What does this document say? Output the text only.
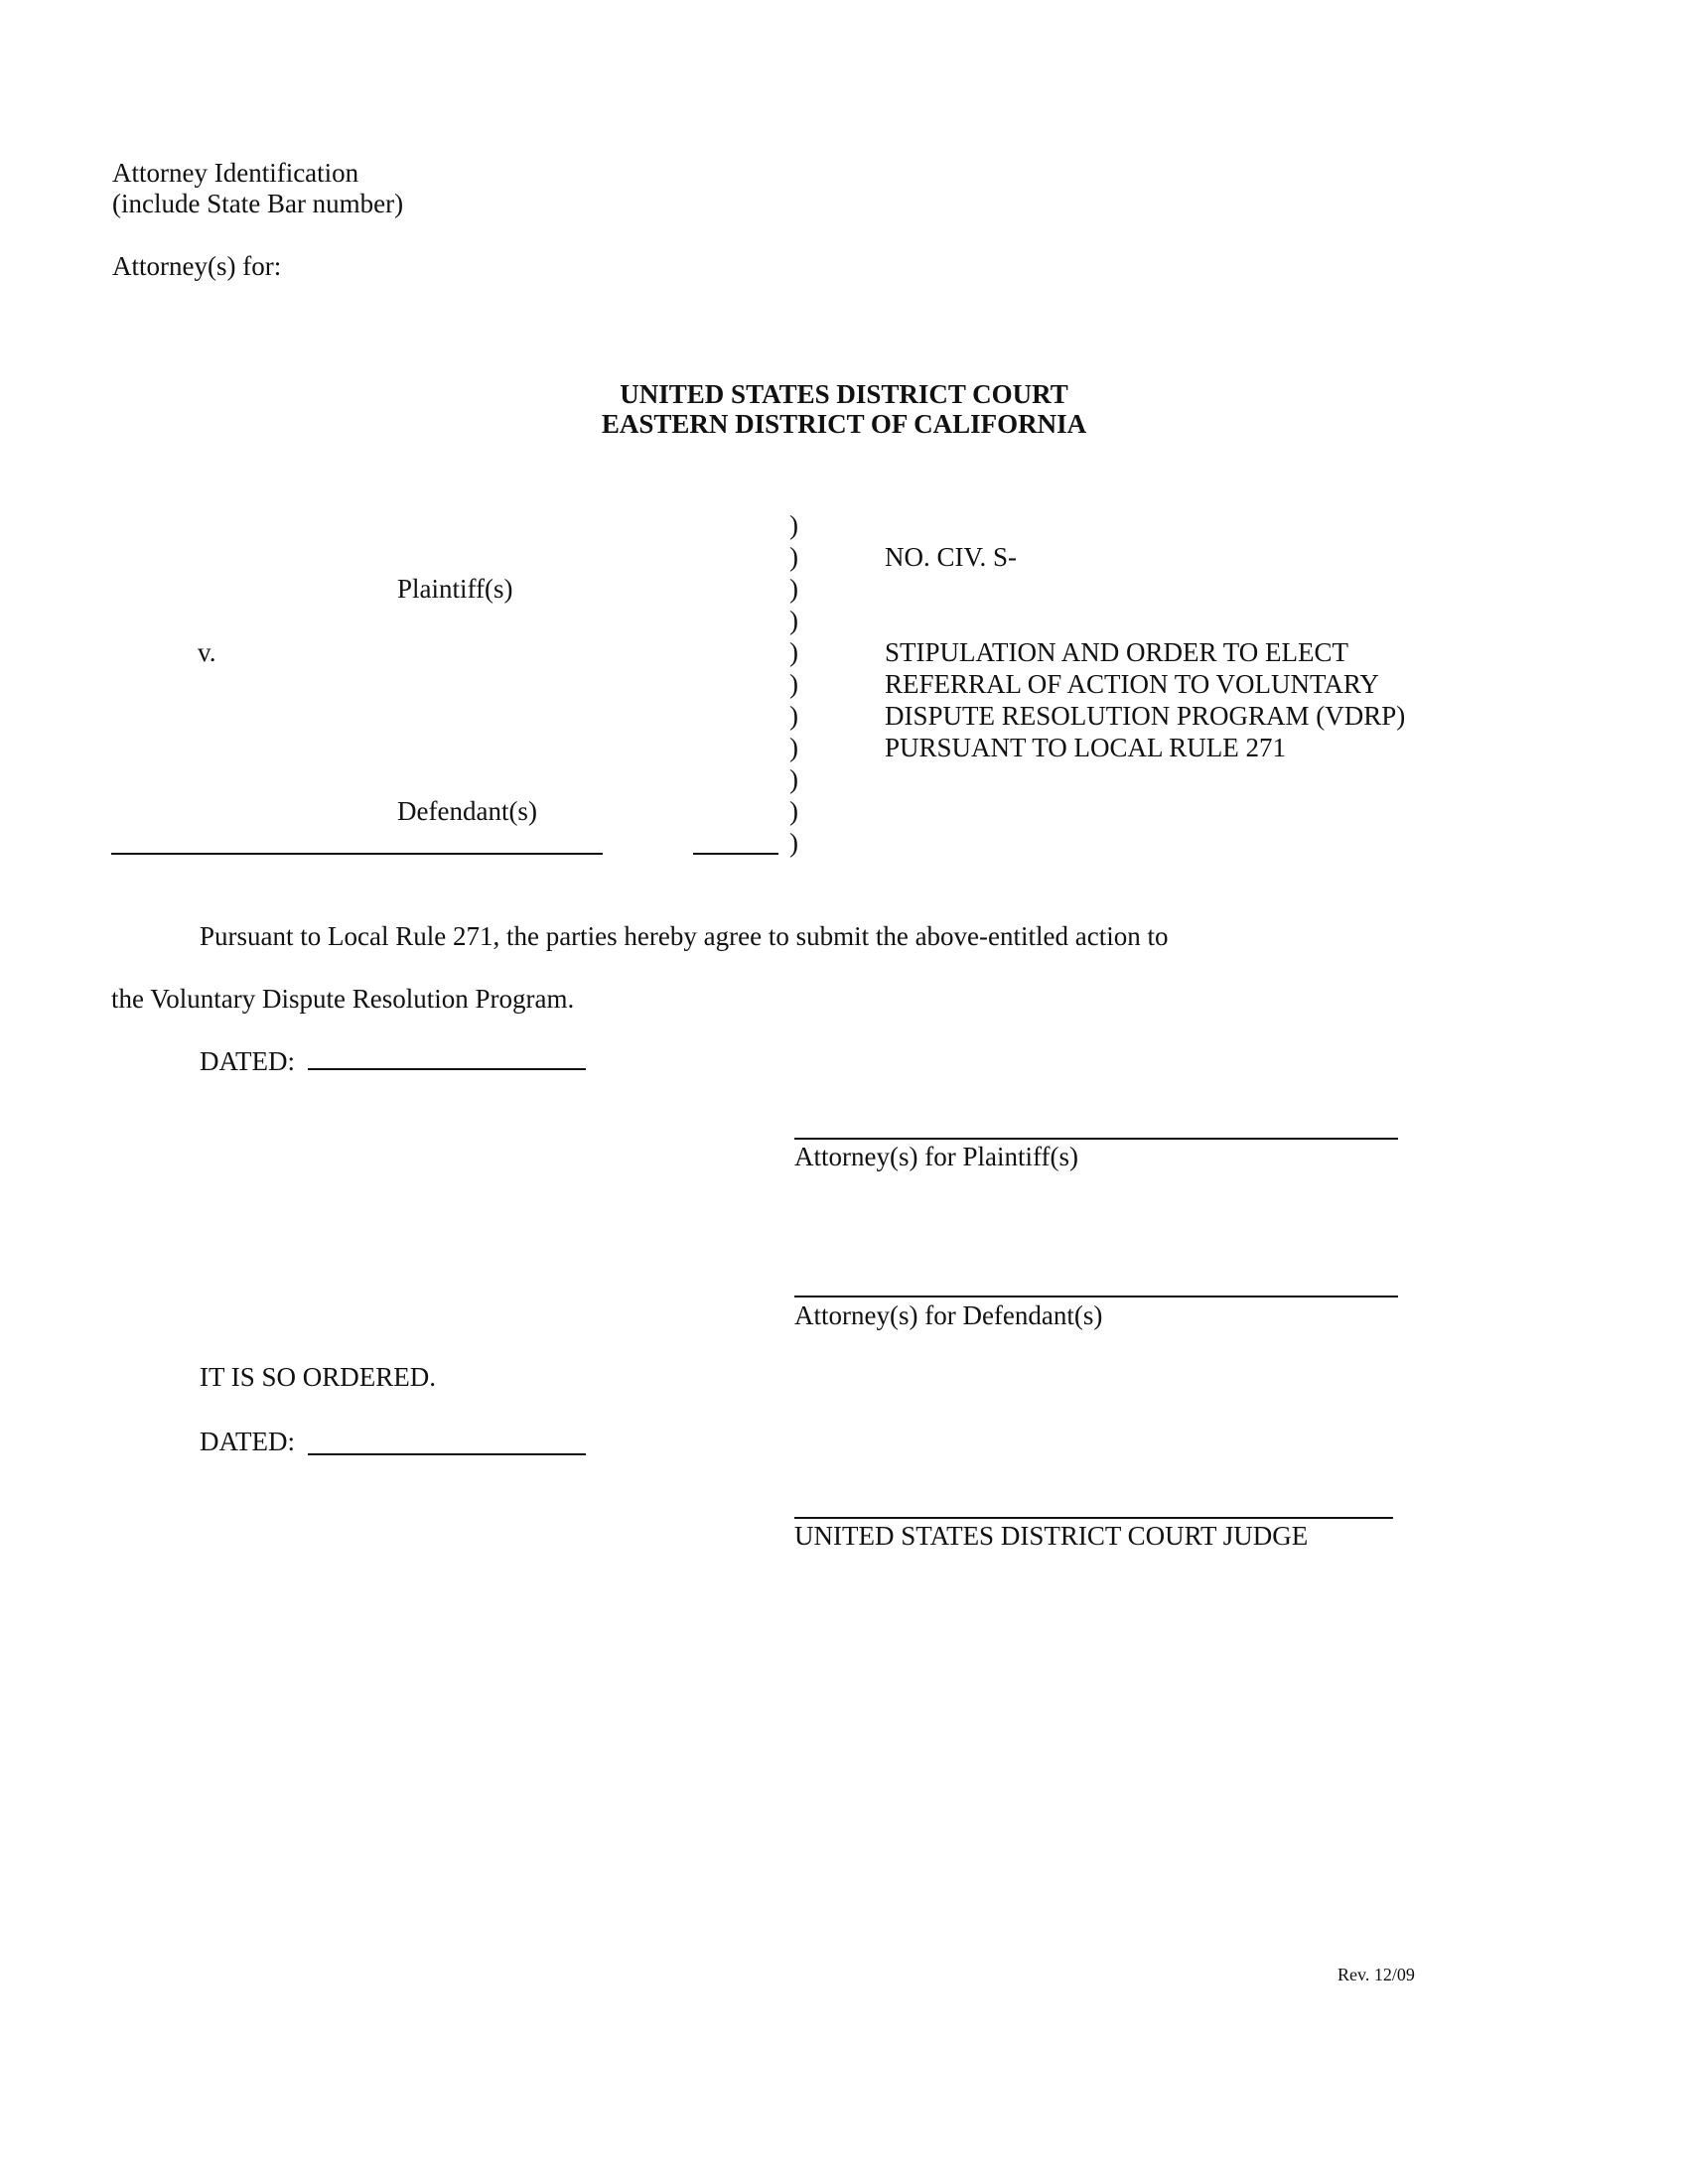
Attorney Identification
(include State Bar number)
Attorney(s) for:
UNITED STATES DISTRICT COURT
EASTERN DISTRICT OF CALIFORNIA
)
)
)
)
)
)
)
)
)
)
)
Plaintiff(s)
v.
Defendant(s)
NO. CIV. S-
STIPULATION AND ORDER TO ELECT
REFERRAL OF ACTION TO VOLUNTARY
DISPUTE RESOLUTION PROGRAM (VDRP)
PURSUANT TO LOCAL RULE 271
Pursuant to Local Rule 271, the parties hereby agree to submit the above-entitled action to
the Voluntary Dispute Resolution Program.
DATED:
Attorney(s) for Plaintiff(s)
Attorney(s) for Defendant(s)
IT IS SO ORDERED.
DATED:
UNITED STATES DISTRICT COURT JUDGE
Rev. 12/09
